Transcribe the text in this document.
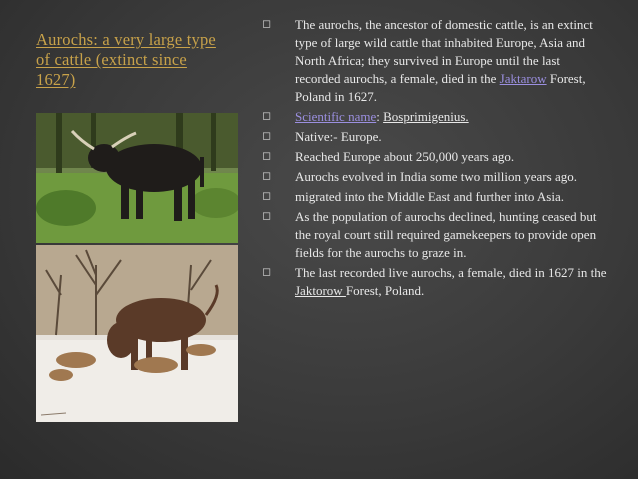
Aurochs: a very large type of cattle (extinct since 1627)
◻	The aurochs, the ancestor of domestic cattle, is an extinct type of large wild cattle that inhabited Europe, Asia and North Africa; they survived in Europe until the last recorded aurochs, a female, died in the Jaktarow Forest, Poland in 1627.
◻	Scientific name: Bosprimigenius.
◻	Native:- Europe.
◻	Reached Europe about 250,000 years ago.
◻	Aurochs evolved in India some two million years ago.
◻	migrated into the Middle East and further into Asia.
◻	As the population of aurochs declined, hunting ceased but the royal court still required gamekeepers to provide open fields for the aurochs to graze in.
◻	The last recorded live aurochs, a female, died in 1627 in the Jaktorow Forest, Poland.
